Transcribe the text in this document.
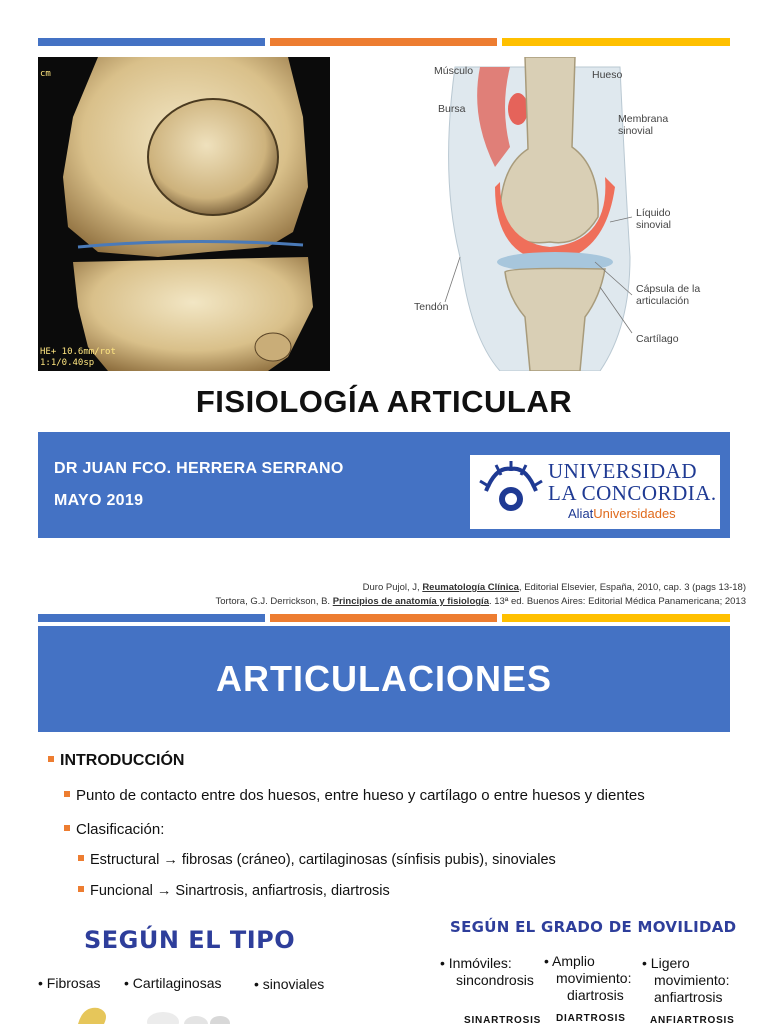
cm
HE+ 10.6mm/rot
1:1/0.40sp
Músculo	Hueso
Bursa
Membrana sinovial
Líquido sinovial
Cápsula de la articulación
Tendón
Cartílago
FISIOLOGÍA ARTICULAR
DR JUAN FCO. HERRERA SERRANO
MAYO 2019
UNIVERSIDAD
LA CONCORDIA.
AliatUniversidades
Duro Pujol, J, Reumatología Clínica, Editorial Elsevier, España, 2010, cap. 3 (pags 13-18)
Tortora, G.J. Derrickson, B. Principios de anatomía y fisiología. 13ª ed. Buenos Aires: Editorial Médica Panamericana; 2013
ARTICULACIONES
INTRODUCCIÓN
Punto de contacto entre dos huesos, entre hueso y cartílago o entre huesos y dientes
Clasificación:
Estructural → fibrosas (cráneo), cartilaginosas (sínfisis pubis), sinoviales
Funcional → Sinartrosis, anfiartrosis, diartrosis
SEGÚN EL TIPO
• Fibrosas • Cartilaginosas • sinoviales
SEGÚN EL GRADO DE MOVILIDAD
• Inmóviles:
sincondrosis
• Amplio
movimiento:
diartrosis
• Ligero
movimiento:
anfiartrosis
SINARTROSIS DIARTROSIS ANFIARTROSIS
